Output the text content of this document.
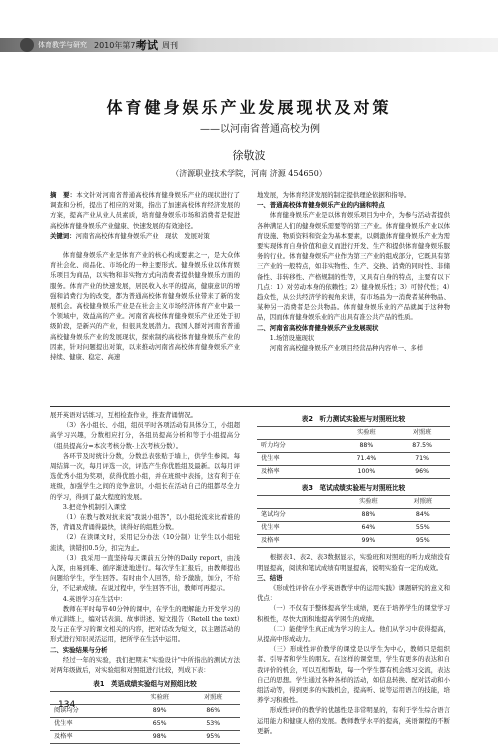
体育教学与研究 2010年第7期
考试 周刊
体育健身娱乐产业发展现状及对策
——以河南省普通高校为例
徐敬波
（济源职业技术学院，河南 济源 454650）

摘　要：本文针对河南省普通高校体育健身娱乐产业的现状进行了调查和分析，提出了相应的对策，指出了加速高校体育经济发展的方案，提高产业从业人员素质，培育健身娱乐市场和消费者是促进高校体育健身娱乐产业健康、快速发展的有效途径。

关键词：河南省高校体育健身娱乐产业　现状　发展对策

体育健身娱乐产业是体育产业的核心构成要素之一，是大众体育社会化、商品化、市场化的一种主要形式。健身娱乐业以体育娱乐项目为商品，以实物和非实物方式向消费者提供健身娱乐方面的服务。体育产业的快速发展，居民收入水平的提高，健康意识的增强和消费行为的改变，都为普通高校体育健身娱乐业带来了新的发展机会。高校健身娱乐产业是在社会主义市场经济体育产业中最一个领域中，效益高的产业。河南省高校体育健身娱乐产业还处于初级阶段，是新兴的产业，但很具发展潜力。我国人群对河南省普通高校健身娱乐产业的发展现状，探索制约高校体育健身娱乐产业的因素，针对问题提出对策，以来推动河南省高校体育健身娱乐产业持续、健康、稳定、高速

地发展，为体育经济发展的制定提供理论依据和指导。

一、普通高校体育健身娱乐产业的内涵和特点

体育健身娱乐产业是以体育娱乐项目为中介，为参与活动者提供各种满足人们的健身娱乐需要等的第三产业。体育健身娱乐产业以体育设施、物质资料和资金为基本要素，以刺激体育健身娱乐产业为需要实现体育自身价值和意义而进行开发、生产和提供体育健身娱乐服务的行业。体育健身娱乐产业作为第三产业的组成部分，它既具有第三产业的一般特点，如非实物性、生产、交换、消费的同时性、非储备性、非转移性、产格规制的性等，又具有自身的特点，主要有以下几点：1）对劳动本身的依赖性；2）健身娱乐性；3）可替代性；4）趋众性，从公共经济学的视角来讲，有市场品为一消费者某种物品、某种另一消费者是公共物品。体育健身娱乐业的产品就属于这种物品，因而体育健身娱乐业的产出具有准公共产品的性质。

二、河南省高校体育健身娱乐产业发展现状

1.场馆设施现状

河南省高校健身娱乐产业项目经营品种内容单一、多样

展开英语对话练习，互相检查作业，推查背诵情况。

（3）各小组长、小组，组员平时各项活动有具体分工，小组超高学习兴趣，分数相应打分，各组员提高分析和等于小组提高分（组员提高分=本次考核分数-上次考核分数）。

各环节及时统计分数，分数总表张贴于墙上，供学生参阅。每周结算一次，每月评选一次，评选产生你优胜组及最新。以每月评选优秀小组为奖项，获得优胜小组，并在班级中表扬，这有利于在班级，加强学生之间的竞争意识，小组长在活动自己的组都尽全力的学习，得到了最大程度的发展。

3.把竞争机制引入课堂

（1）在教与教对抗来说"我说小组答"，以小组轮流来比看谁的答，背诵及背诵得最快，读得好的组胜分数。

（2）在读课文时，采用记分办法（10分制）让学生以小组轮流读，读错扣0.5分，扣完为止。

（3）我采用一直坚持每天课前五分钟的Daily report，由浅入深，由易到难、循序渐进地进行。每次学生汇报后，由教师提出问题给学生，学生回答。有时由个人回答，给予激励，加分，不给分，不记录成绩。在说过程中，学生回答不出，教师可再提示。

4.英语学习在生活中：

教师在平时每节40分钟的课中，在学生的理解能力开发学习的单元训练上，编对话表演、故事讲述、短文报告（Retell the text）及与正在学习的课文相关的内容，把对话改为短文，以主题活动的形式进行知识灵活运用，把所学在生活中运用。

二、实验结果与分析

经过一年的实验，我们把期末"实验设计"中所指出的测试方法对两年级做后，对实验组和对照组进行比较，列成下表：

表1　英语成绩实验组与对照组比较
	实验班	对照班
阅读均分	89%	86%
优生率	65%	53%
及格率	98%	95%
表2　听力测试实验班与对照班比较
	实验班	对照班
听力均分	88%	87.5%
优生率	71.4%	71%
及格率	100%	96%
表3　笔试成绩实验班与对照班比较
	实验班	对照班
笔试均分	88%	84%
优生率	64%	55%
及格率	99%	95%

根据表1、表2、表3数据显示，实验班和对照班的听力成绩没有明显提高，阅读和笔试成绩有明显提高，说明实验有一定的成效。

三、结语

《形成性评价在小学英语教学中的运用实践》课题研究的意义和优点：

（一）不仅有于整体提高学生成绩，更在于培养学生的课堂学习积极性，尽快大面积地提高学困生的成绩。

（二）能使学生真正成为学习的主人。他们从学习中获得提高，从提高中形成动力。

（三）形成性评价教学的课堂是以学生为中心，教师只是组织者、引导者和学生的朋友。在这样的课堂里，学生有更多的表达和自我评价的机会，可以互相帮助，每一个学生都有机会练习交流，表达自己的思想。学生通过各种各样的活动，如信息转换、配对活动和小组活动等，得到更多的实践机会，提高听、说等运用语言的技能，培养学习积极性。

形成性评价的教学的优越性是非常明显的，有利于学生综合语言运用能力和健康人格的发展。教师教学水平的提高，英语课程的不断更新。

134
